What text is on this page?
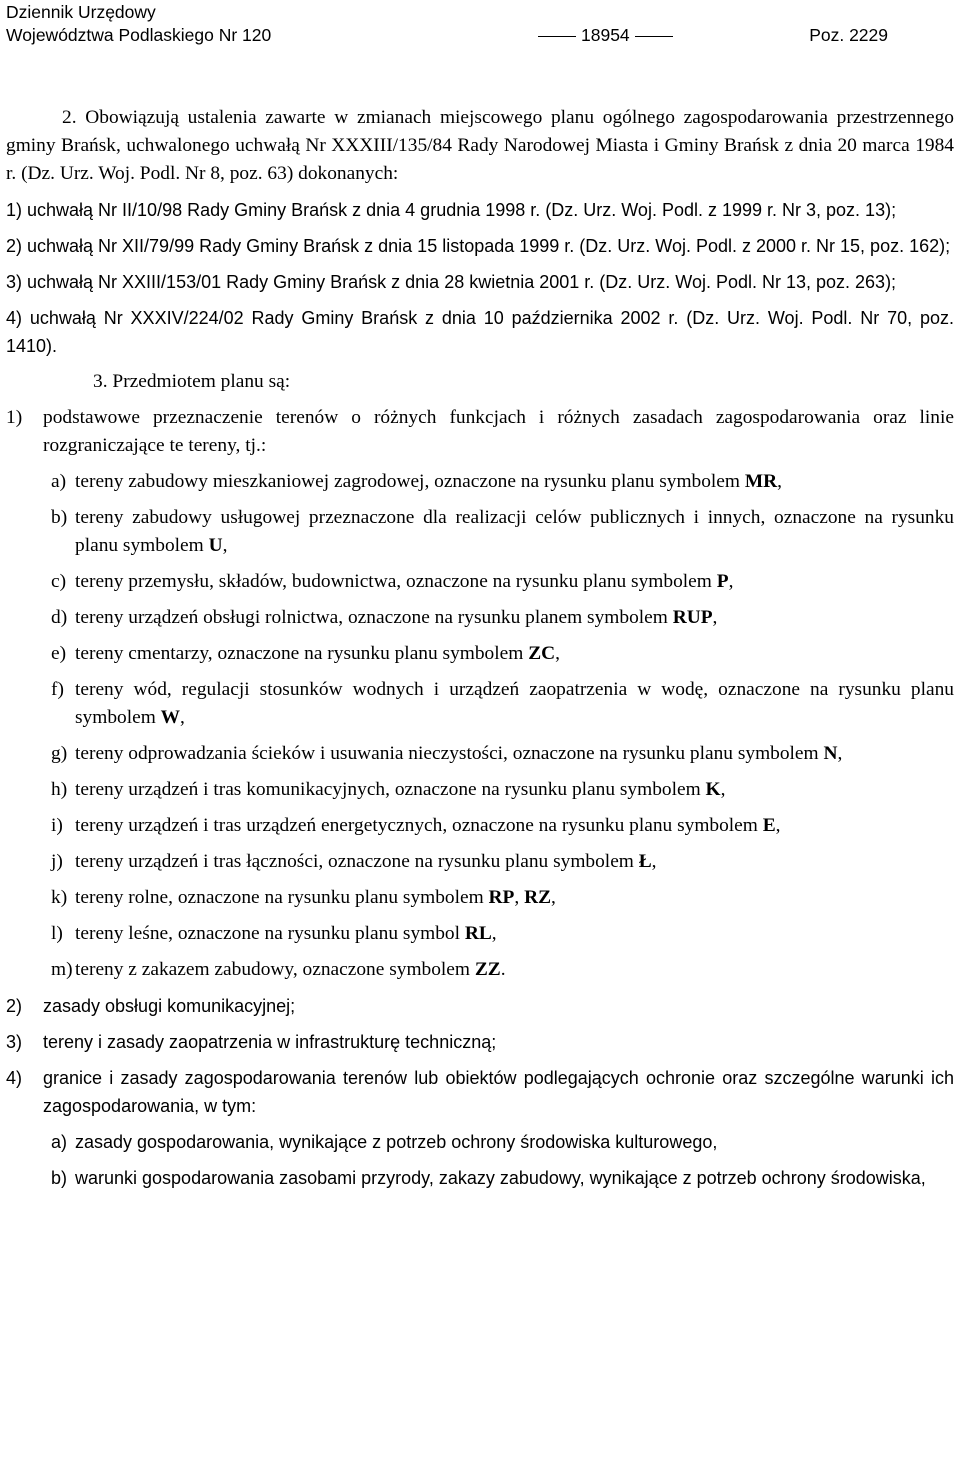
Dziennik Urzędowy
Województwa Podlaskiego Nr 120	18954	Poz. 2229

2. Obowiązują ustalenia zawarte w zmianach miejscowego planu ogólnego zagospodarowania przestrzennego gminy Brańsk, uchwalonego uchwałą Nr XXXIII/135/84 Rady Narodowej Miasta i Gminy Brańsk z dnia 20 marca 1984 r. (Dz. Urz. Woj. Podl. Nr 8, poz. 63) dokonanych:

1) uchwałą Nr II/10/98 Rady Gminy Brańsk z dnia 4 grudnia 1998 r. (Dz. Urz. Woj. Podl. z 1999 r. Nr 3, poz. 13);

2) uchwałą Nr XII/79/99 Rady Gminy Brańsk z dnia 15 listopada 1999 r. (Dz. Urz. Woj. Podl. z 2000 r. Nr 15, poz. 162);

3) uchwałą Nr XXIII/153/01 Rady Gminy Brańsk z dnia 28 kwietnia 2001 r. (Dz. Urz. Woj. Podl. Nr 13, poz. 263);

4) uchwałą Nr XXXIV/224/02 Rady Gminy Brańsk z dnia 10 października 2002 r. (Dz. Urz. Woj. Podl. Nr 70, poz. 1410).

3. Przedmiotem planu są:

1)	podstawowe przeznaczenie terenów o różnych funkcjach i różnych zasadach zagospodarowania oraz linie rozgraniczające te tereny, tj.:
a) tereny zabudowy mieszkaniowej zagrodowej, oznaczone na rysunku planu symbolem MR,
b) tereny zabudowy usługowej przeznaczone dla realizacji celów publicznych i innych, oznaczone na rysunku planu symbolem U,
c) tereny przemysłu, składów, budownictwa, oznaczone na rysunku planu symbolem P,
d) tereny urządzeń obsługi rolnictwa, oznaczone na rysunku planem symbolem RUP,
e) tereny cmentarzy, oznaczone na rysunku planu symbolem ZC,
f) tereny wód, regulacji stosunków wodnych i urządzeń zaopatrzenia w wodę, oznaczone na rysunku planu symbolem W,
g) tereny odprowadzania ścieków i usuwania nieczystości, oznaczone na rysunku planu symbolem N,
h) tereny urządzeń i tras komunikacyjnych, oznaczone na rysunku planu symbolem K,
i) tereny urządzeń i tras urządzeń energetycznych, oznaczone na rysunku planu symbolem E,
j) tereny urządzeń i tras łączności, oznaczone na rysunku planu symbolem Ł,
k) tereny rolne, oznaczone na rysunku planu symbolem RP, RZ,
l) tereny leśne, oznaczone na rysunku planu symbol RL,
m) tereny z zakazem zabudowy, oznaczone symbolem ZZ.
2)	zasady obsługi komunikacyjnej;
3)	tereny i zasady zaopatrzenia w infrastrukturę techniczną;
4)	granice i zasady zagospodarowania terenów lub obiektów podlegających ochronie oraz szczególne warunki ich zagospodarowania, w tym:
a) zasady gospodarowania, wynikające z potrzeb ochrony środowiska kulturowego,
b) warunki gospodarowania zasobami przyrody, zakazy zabudowy, wynikające z potrzeb ochrony środowiska,
